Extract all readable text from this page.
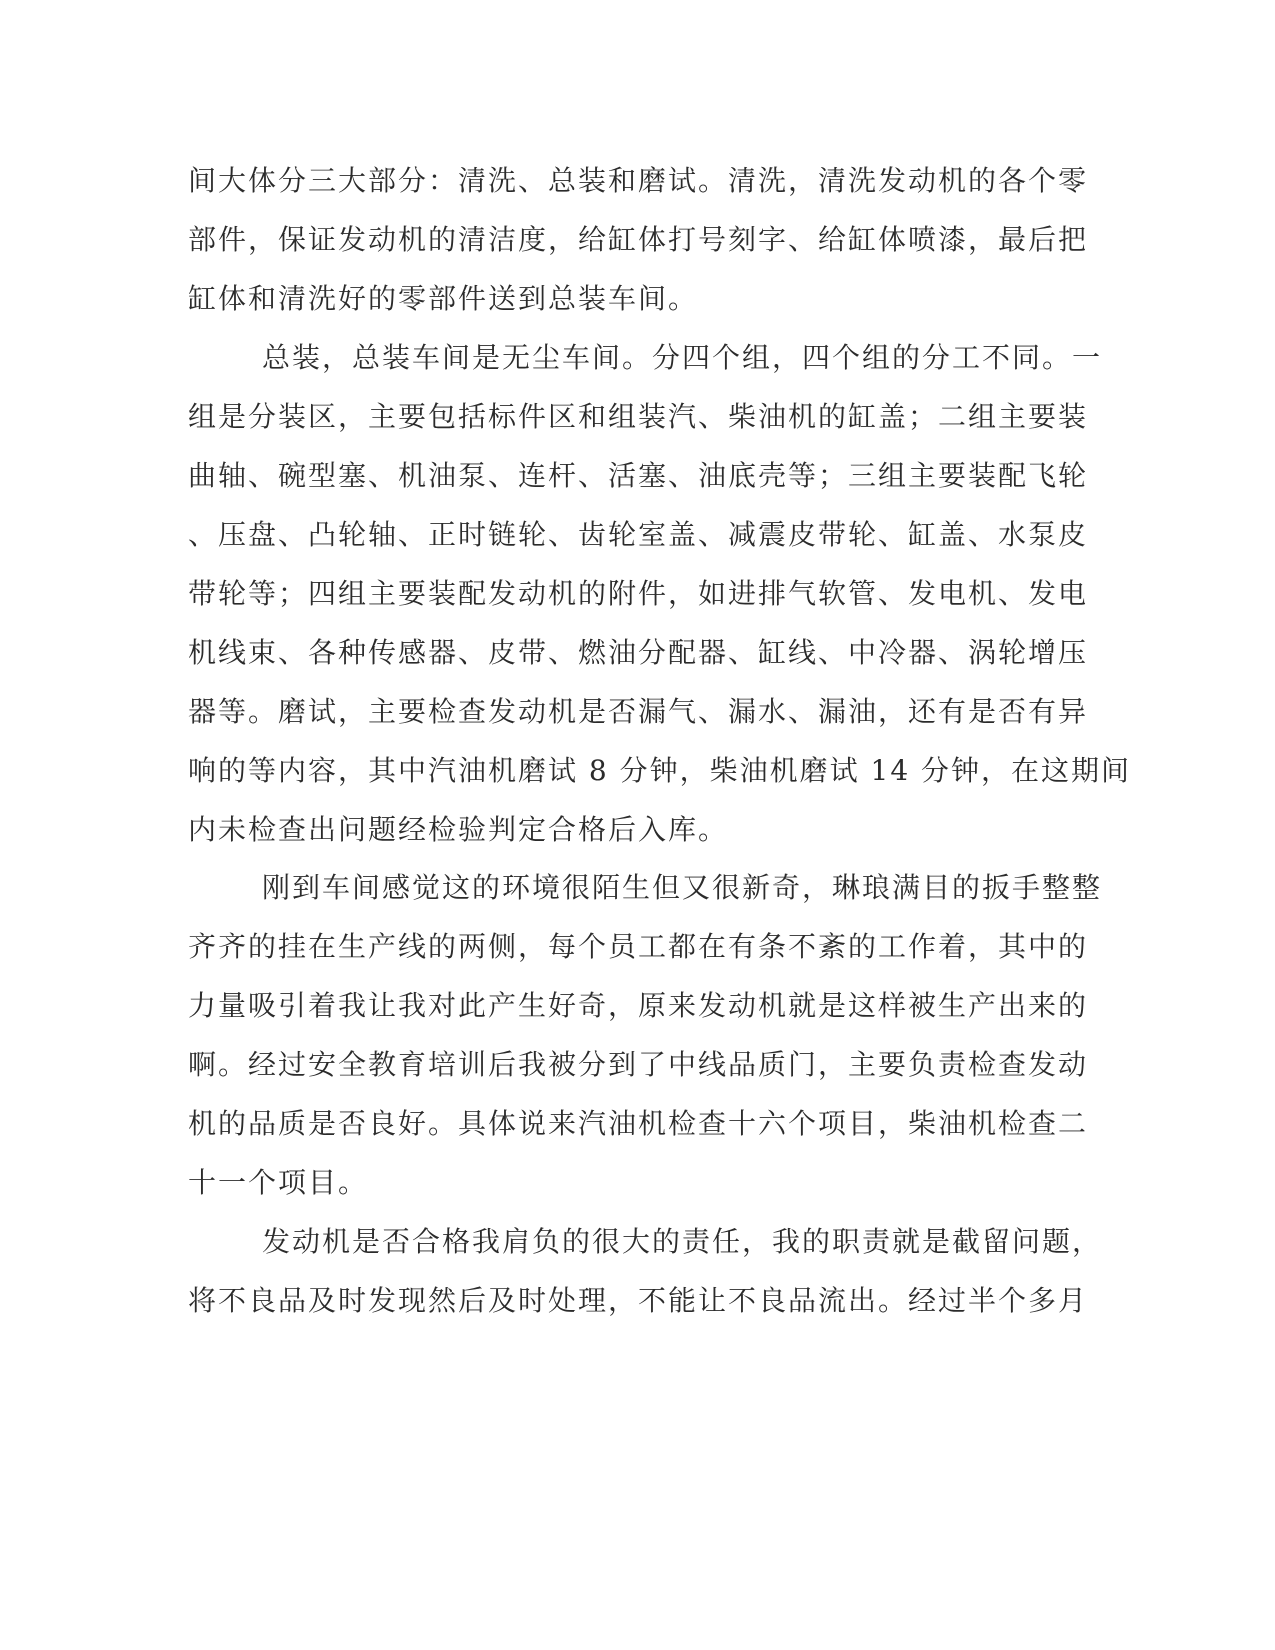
间大体分三大部分：清洗、总装和磨试。清洗，清洗发动机的各个零
部件，保证发动机的清洁度，给缸体打号刻字、给缸体喷漆，最后把
缸体和清洗好的零部件送到总装车间。
总装，总装车间是无尘车间。分四个组，四个组的分工不同。一
组是分装区，主要包括标件区和组装汽、柴油机的缸盖；二组主要装
曲轴、碗型塞、机油泵、连杆、活塞、油底壳等；三组主要装配飞轮
、压盘、凸轮轴、正时链轮、齿轮室盖、减震皮带轮、缸盖、水泵皮
带轮等；四组主要装配发动机的附件，如进排气软管、发电机、发电
机线束、各种传感器、皮带、燃油分配器、缸线、中冷器、涡轮增压
器等。磨试，主要检查发动机是否漏气、漏水、漏油，还有是否有异
响的等内容，其中汽油机磨试 8 分钟，柴油机磨试 14 分钟，在这期间
内未检查出问题经检验判定合格后入库。
刚到车间感觉这的环境很陌生但又很新奇，琳琅满目的扳手整整
齐齐的挂在生产线的两侧，每个员工都在有条不紊的工作着，其中的
力量吸引着我让我对此产生好奇，原来发动机就是这样被生产出来的
啊。经过安全教育培训后我被分到了中线品质门，主要负责检查发动
机的品质是否良好。具体说来汽油机检查十六个项目，柴油机检查二
十一个项目。
发动机是否合格我肩负的很大的责任，我的职责就是截留问题，
将不良品及时发现然后及时处理，不能让不良品流出。经过半个多月
